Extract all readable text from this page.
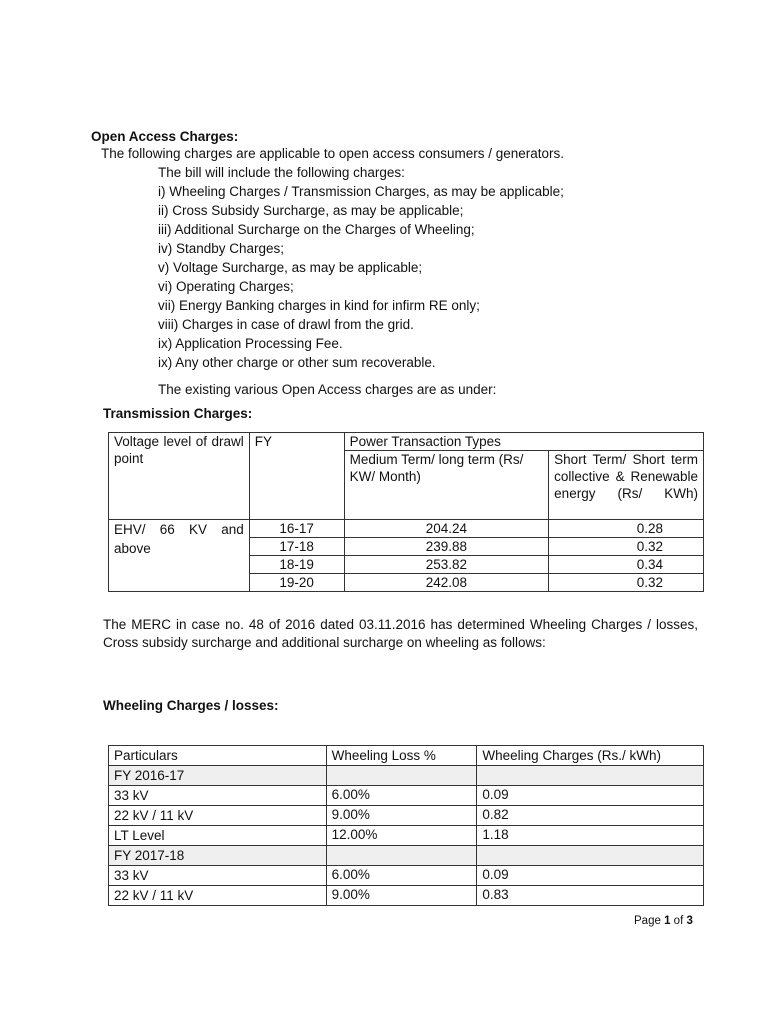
Open Access Charges:
The following charges are applicable to open access consumers / generators.
The bill will include the following charges:
i) Wheeling Charges / Transmission Charges, as may be applicable;
ii) Cross Subsidy Surcharge, as may be applicable;
iii) Additional Surcharge on the Charges of Wheeling;
iv) Standby Charges;
v) Voltage Surcharge, as may be applicable;
vi) Operating Charges;
vii) Energy Banking charges in kind for infirm RE only;
viii) Charges in case of drawl from the grid.
ix) Application Processing Fee.
ix) Any other charge or other sum recoverable.
The existing various Open Access charges are as under:
Transmission Charges:
Voltage level of drawl point	FY	Power Transaction Types	
		Medium Term/ long term (Rs/ KW/ Month)	Short Term/ Short term collective & Renewable energy (Rs/ KWh)
EHV/ 66 KV and above	16-17	204.24	0.28
	17-18	239.88	0.32
	18-19	253.82	0.34
	19-20	242.08	0.32
The MERC in case no. 48 of 2016 dated 03.11.2016 has determined Wheeling Charges / losses, Cross subsidy surcharge and additional surcharge on wheeling as follows:
Wheeling Charges / losses:
Particulars	Wheeling Loss %	Wheeling Charges (Rs./ kWh)
FY 2016-17		
33 kV	6.00%	0.09
22 kV / 11 kV	9.00%	0.82
LT Level	12.00%	1.18
FY 2017-18		
33 kV	6.00%	0.09
22 kV / 11 kV	9.00%	0.83
Page 1 of 3
